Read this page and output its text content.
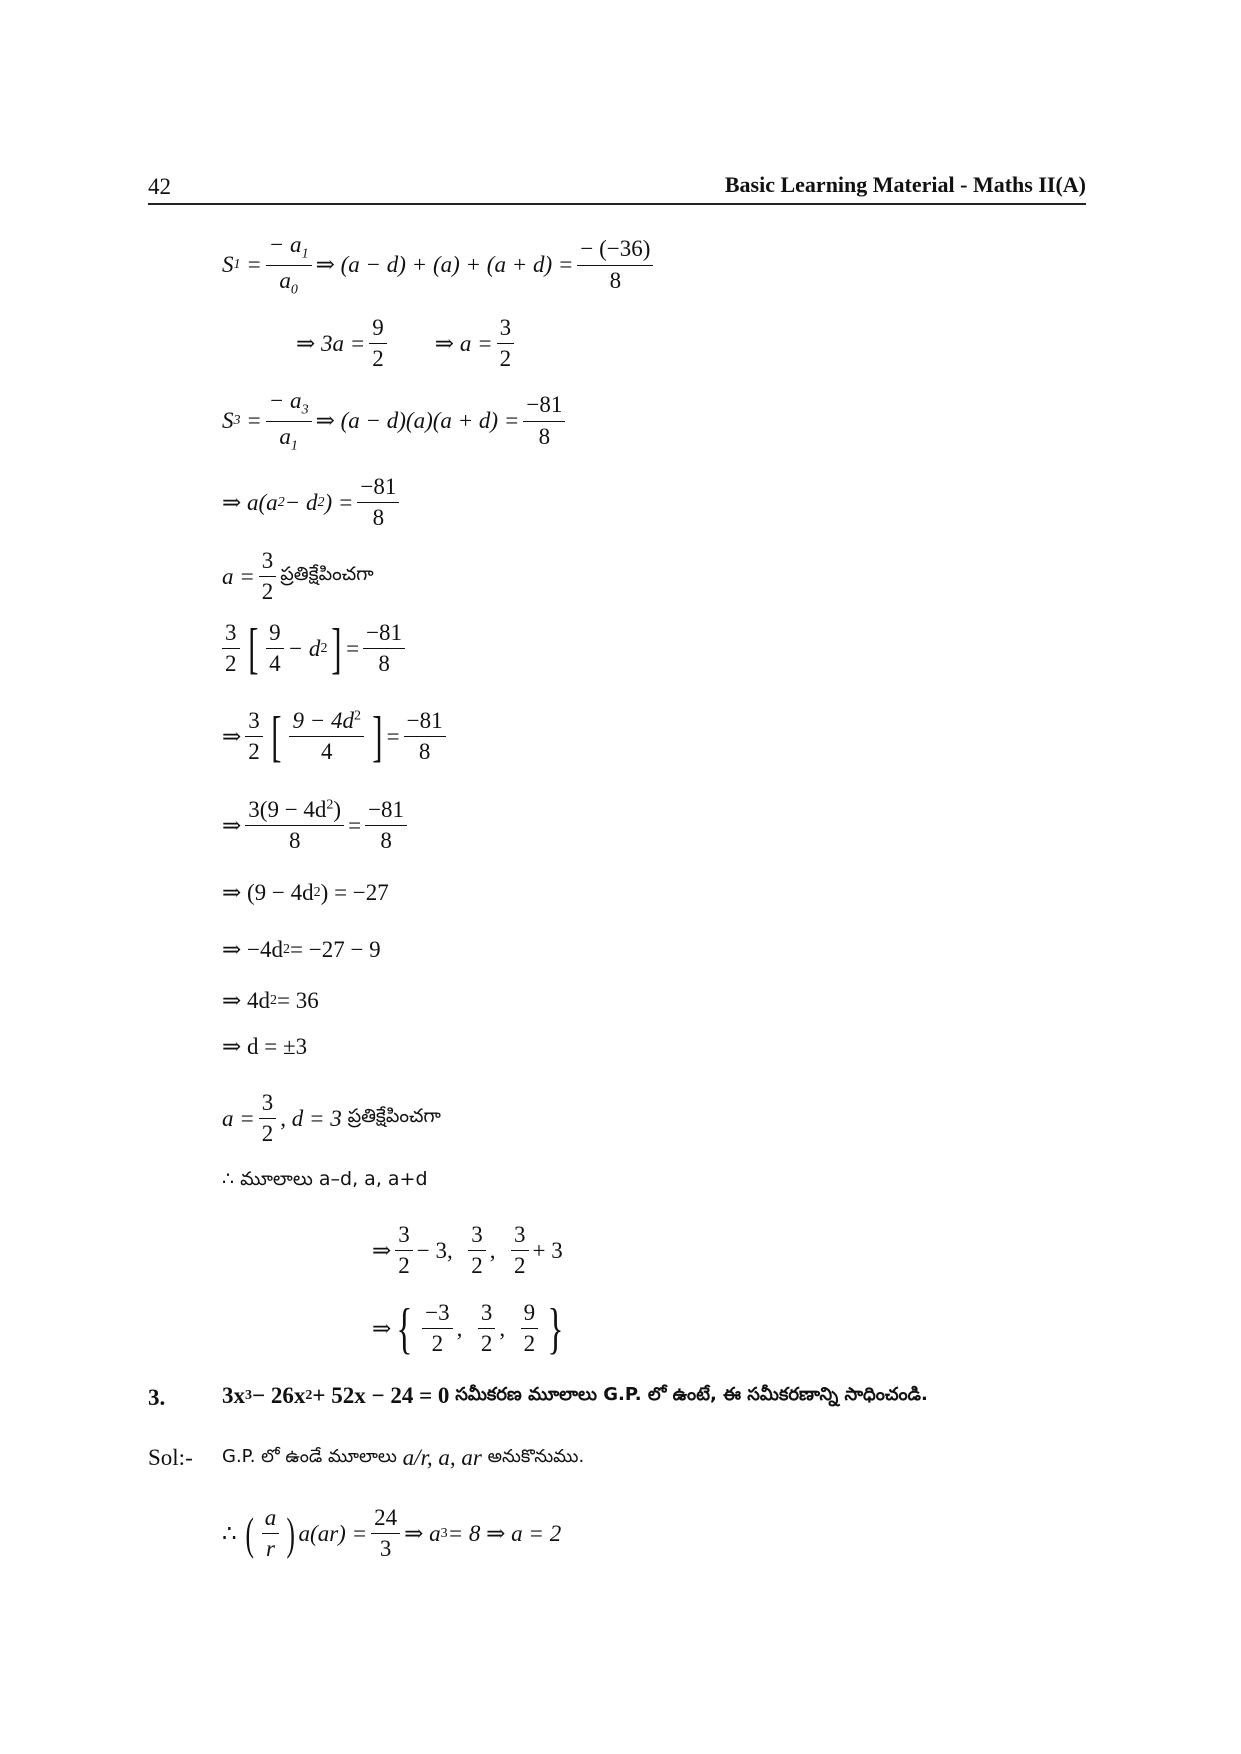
42	Basic Learning Material - Maths II(A)
S 1 =
− $a_1$
$a_0$
⇒ $(a - d) + (a) + (a + d) = \frac{- (-36)}{8}$
⇒ $3a = \frac{9}{2}$ ⇒ $a = \frac{3}{2}$
S 3 =
− $a_3$
$a_1$
⇒ $(a - d)(a)(a + d) = \frac{-81}{8}$
⇒ a(a 2 − d 2 ) = $\frac{-81}{8}$
$a = \frac{3}{2}$ ప్రతిక్షేపించగా
3
2 [ 9
4
− d 2 ] = $\frac{-81}{8}$
⇒
3
2 [ $9 - 4d^2$
4 ] = $\frac{-81}{8}$
⇒ $\frac{3(9 - 4d^2)}{8} = \frac{-81}{8}$
⇒ (9 − 4d 2 ) = −27
⇒ −4d 2 = −27 − 9
⇒ 4d 2 = 36
⇒ d = ±3
$a = \frac{3}{2}$ , d = 3
ప్రతిక్షేపించగా
∴ మూలాలు a–d, a, a+d
⇒
3
2
− 3,

3
2
,

3
2
+ 3
⇒ { −3
2
,

3
2
,

9
2 }
3. 3x 3 − 26x 2 + 52x − 24 = 0
సమీకరణ మూలాలు G.P. లో ఉంటే, ఈ సమీకరణాన్ని సాధించండి.
Sol:- G.P. లో ఉండే మూలాలు
a/r, a, ar
అనుకొనుము.
∴
( a
r ) $a(ar) = \frac{24}{3}$ ⇒ a 3 = 8 ⇒ a = 2
